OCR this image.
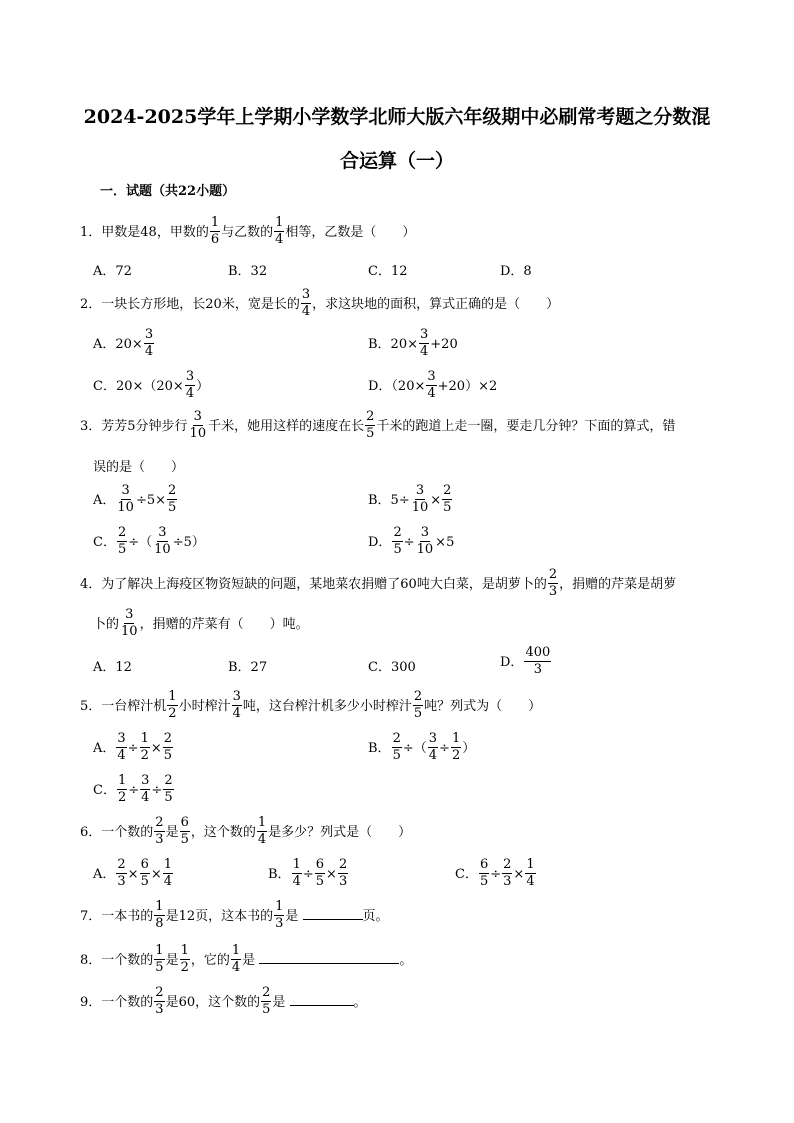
2024-2025学年上学期小学数学北师大版六年级期中必刷常考题之分数混
合运算（一）
一．试题（共22小题）
1．甲数是48，甲数的 $\frac{1}{6}$ 与乙数的 $\frac{1}{4}$ 相等，乙数是（　　）
A．72	B．32	C．12	D．8
2．一块长方形地，长20米，宽是长的 $\frac{3}{4}$ ，求这块地的面积，算式正确的是（　　）
A．$20\times \frac{3}{4}$	B．$20\times \frac{3}{4} +20$
C．$20\times(20\times \frac{3}{4}$ ）	D．$(20\times \frac{3}{4} +20)\times 2$
3．芳芳5分钟步行 $\frac{3}{10}$ 千米，她用这样的速度在长 $\frac{2}{5}$ 千米的跑道上走一圈，要走几分钟？下面的算式，错
误的是（　　）
A． $\frac{3}{10} \div 5\times \frac{2}{5}$	B．$5\div \frac{3}{10} \times \frac{2}{5}$
C． $\frac{2}{5}$ ÷（ $\frac{3}{10} \div 5$）	D． $\frac{2}{5} \div \frac{3}{10} \times 5$
4．为了解决上海疫区物资短缺的问题，某地菜农捐赠了60吨大白菜，是胡萝卜的 $\frac{2}{3}$ ，捐赠的芹菜是胡萝
卜的 $\frac{3}{10}$ ，捐赠的芹菜有（　　）吨。
A．12	B．27	C．300	D． $\frac{400}{3}$
5．一台榨汁机 $\frac{1}{2}$ 小时榨汁 $\frac{3}{4}$ 吨，这台榨汁机多少小时榨汁 $\frac{2}{5}$ 吨？列式为（　　）
A． $\frac{3}{4} \div \frac{1}{2} \times \frac{2}{5}$	B． $\frac{2}{5}$ ÷（ $\frac{3}{4} \div \frac{1}{2}$ ）
C． $\frac{1}{2} \div \frac{3}{4} \div \frac{2}{5}$
6．一个数的 $\frac{2}{3}$ 是 $\frac{6}{5}$ ，这个数的 $\frac{1}{4}$ 是多少？列式是（　　）
A． $\frac{2}{3} \times \frac{6}{5} \times \frac{1}{4}$	B． $\frac{1}{4} \div \frac{6}{5} \times \frac{2}{3}$	C． $\frac{6}{5} \div \frac{2}{3} \times \frac{1}{4}$
7．一本书的 $\frac{1}{8}$ 是12页，这本书的 $\frac{1}{3}$ 是	页。
8．一个数的 $\frac{1}{5}$ 是 $\frac{1}{2}$ ，它的 $\frac{1}{4}$ 是	。
9．一个数的 $\frac{2}{3}$ 是60，这个数的 $\frac{2}{5}$ 是	。
